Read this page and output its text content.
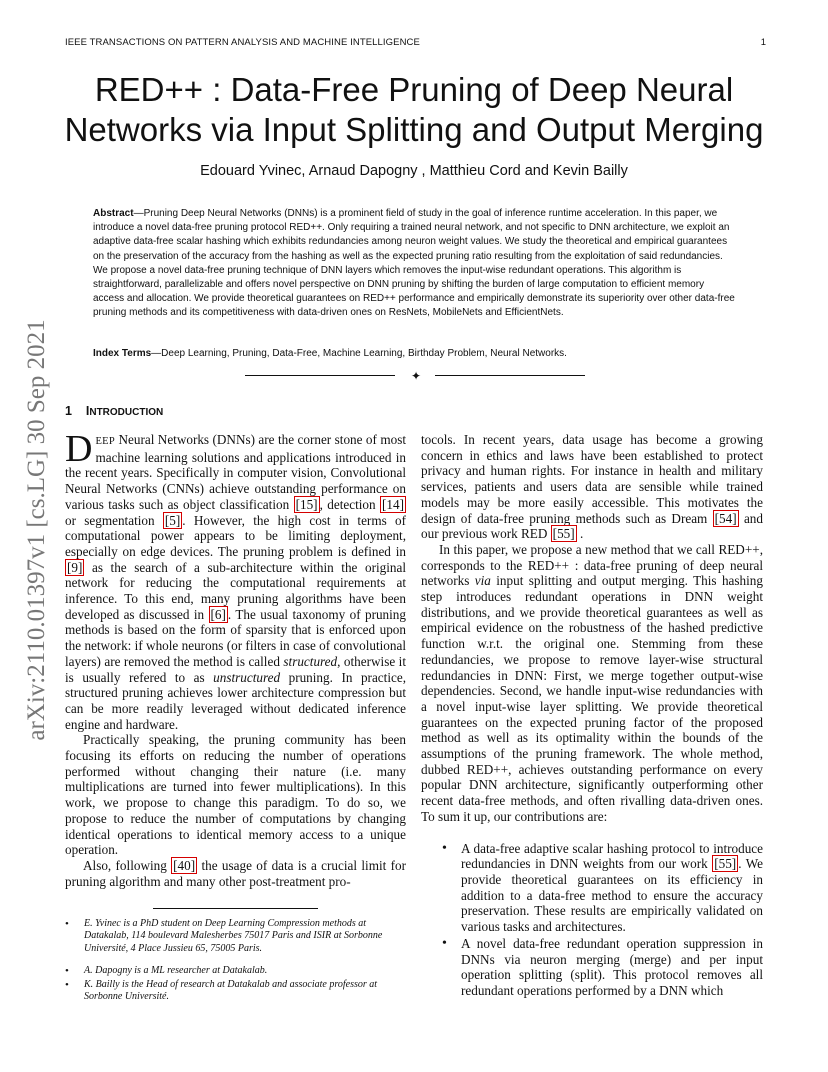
IEEE TRANSACTIONS ON PATTERN ANALYSIS AND MACHINE INTELLIGENCE	1
RED++ : Data-Free Pruning of Deep Neural Networks via Input Splitting and Output Merging
Edouard Yvinec, Arnaud Dapogny , Matthieu Cord and Kevin Bailly
Abstract—Pruning Deep Neural Networks (DNNs) is a prominent field of study in the goal of inference runtime acceleration. In this paper, we introduce a novel data-free pruning protocol RED++. Only requiring a trained neural network, and not specific to DNN architecture, we exploit an adaptive data-free scalar hashing which exhibits redundancies among neuron weight values. We study the theoretical and empirical guarantees on the preservation of the accuracy from the hashing as well as the expected pruning ratio resulting from the exploitation of said redundancies. We propose a novel data-free pruning technique of DNN layers which removes the input-wise redundant operations. This algorithm is straightforward, parallelizable and offers novel perspective on DNN pruning by shifting the burden of large computation to efficient memory access and allocation. We provide theoretical guarantees on RED++ performance and empirically demonstrate its superiority over other data-free pruning methods and its competitiveness with data-driven ones on ResNets, MobileNets and EfficientNets.
Index Terms—Deep Learning, Pruning, Data-Free, Machine Learning, Birthday Problem, Neural Networks.
✦
arXiv:2110.01397v1 [cs.LG] 30 Sep 2021 1 INTRODUCTION

DEEP Neural Networks (DNNs) are the corner stone of most machine learning solutions and applications introduced in the recent years. Specifically in computer vision, Convolutional Neural Networks (CNNs) achieve outstanding performance on various tasks such as object classification [15] , detection [14] or segmentation [5] . However, the high cost in terms of computational power appears to be limiting deployment, especially on edge devices. The pruning problem is defined in [9] as the search of a sub-architecture within the original network for reducing the computational requirements at inference. To this end, many pruning algorithms have been developed as discussed in [6] . The usual taxonomy of pruning methods is based on the form of sparsity that is enforced upon the network: if whole neurons (or filters in case of convolutional layers) are removed the method is called structured, otherwise it is usually refered to as unstructured pruning. In practice, structured pruning achieves lower architecture compression but can be more readily leveraged without dedicated inference engine and hardware.

Practically speaking, the pruning community has been focusing its efforts on reducing the number of operations performed without changing their nature (i.e. many multiplications are turned into fewer multiplications). In this work, we propose to change this paradigm. To do so, we propose to reduce the number of computations by changing identical operations to identical memory access to a unique operation.

Also, following [40] the usage of data is a crucial limit for pruning algorithm and many other post-treatment pro-

• E. Yvinec is a PhD student on Deep Learning Compression methods at Datakalab, 114 boulevard Malesherbes 75017 Paris and ISIR at Sorbonne Université, 4 Place Jussieu 65, 75005 Paris.
• A. Dapogny is a ML researcher at Datakalab.
• K. Bailly is the Head of research at Datakalab and associate professor at Sorbonne Université.

tocols. In recent years, data usage has become a growing concern in ethics and laws have been established to protect privacy and human rights. For instance in health and military services, patients and users data are sensible while trained models may be more easily accessible. This motivates the design of data-free pruning methods such as Dream [54] and our previous work RED [55] .

In this paper, we propose a new method that we call RED++, corresponds to the RED++ : data-free pruning of deep neural networks via input splitting and output merging. This hashing step introduces redundant operations in DNN weight distributions, and we provide theoretical guarantees as well as empirical evidence on the robustness of the hashed predictive function w.r.t. the original one. Stemming from these redundancies, we propose to remove layer-wise structural redundancies in DNN: First, we merge together output-wise dependencies. Second, we handle input-wise redundancies with a novel input-wise layer splitting. We provide theoretical guarantees on the expected pruning factor of the proposed method as well as its optimality within the bounds of the assumptions of the pruning framework. The whole method, dubbed RED++, achieves outstanding performance on every popular DNN architecture, significantly outperforming other recent data-free methods, and often rivalling data-driven ones. To sum it up, our contributions are:

• A data-free adaptive scalar hashing protocol to introduce redundancies in DNN weights from our work [55] . We provide theoretical guarantees on its efficiency in addition to a data-free method to ensure the accuracy preservation. These results are empirically validated on various tasks and architectures.
• A novel data-free redundant operation suppression in DNNs via neuron merging (merge) and per input operation splitting (split). This protocol removes all redundant operations performed by a DNN which
